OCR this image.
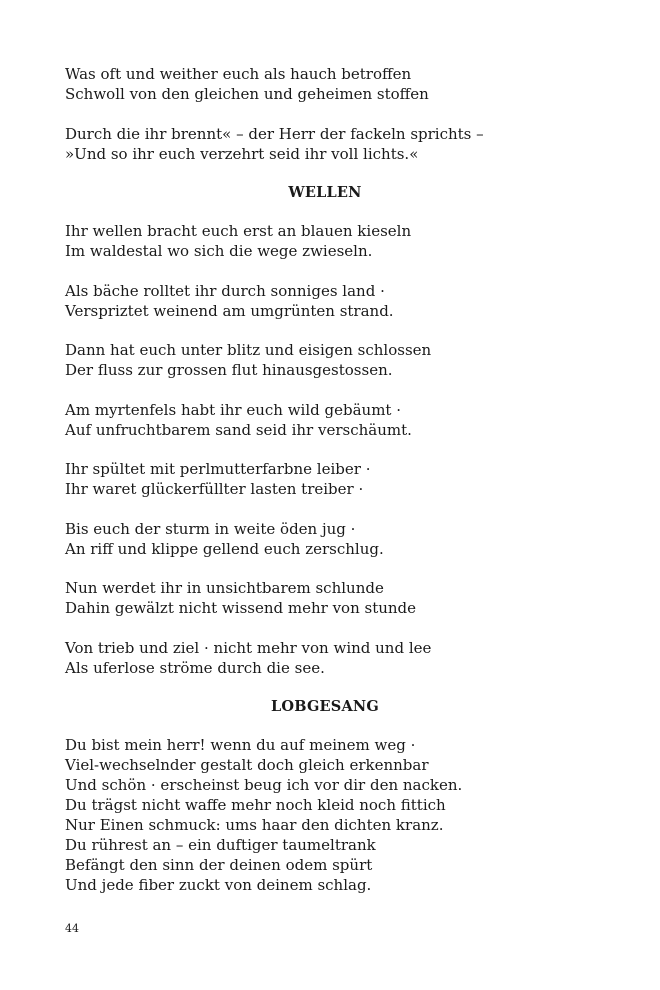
Was oft und weither euch als hauch betroffen
Schwoll von den gleichen und geheimen stoffen
Durch die ihr brennt« – der Herr der fackeln sprichts –
»Und so ihr euch verzehrt seid ihr voll lichts.«
WELLEN
Ihr wellen bracht euch erst an blauen kieseln
Im waldestal wo sich die wege zwieseln.
Als bäche rolltet ihr durch sonniges land ·
Verspriztet weinend am umgrünten strand.
Dann hat euch unter blitz und eisigen schlossen
Der fluss zur grossen flut hinausgestossen.
Am myrtenfels habt ihr euch wild gebäumt ·
Auf unfruchtbarem sand seid ihr verschäumt.
Ihr spültet mit perlmutterfarbne leiber ·
Ihr waret glückerfüllter lasten treiber ·
Bis euch der sturm in weite öden jug ·
An riff und klippe gellend euch zerschlug.
Nun werdet ihr in unsichtbarem schlunde
Dahin gewälzt nicht wissend mehr von stunde
Von trieb und ziel · nicht mehr von wind und lee
Als uferlose ströme durch die see.
LOBGESANG
Du bist mein herr! wenn du auf meinem weg ·
Viel-wechselnder gestalt doch gleich erkennbar
Und schön · erscheinst beug ich vor dir den nacken.
Du trägst nicht waffe mehr noch kleid noch fittich
Nur Einen schmuck: ums haar den dichten kranz.
Du rührest an – ein duftiger taumeltrank
Befängt den sinn der deinen odem spürt
Und jede fiber zuckt von deinem schlag.
44
